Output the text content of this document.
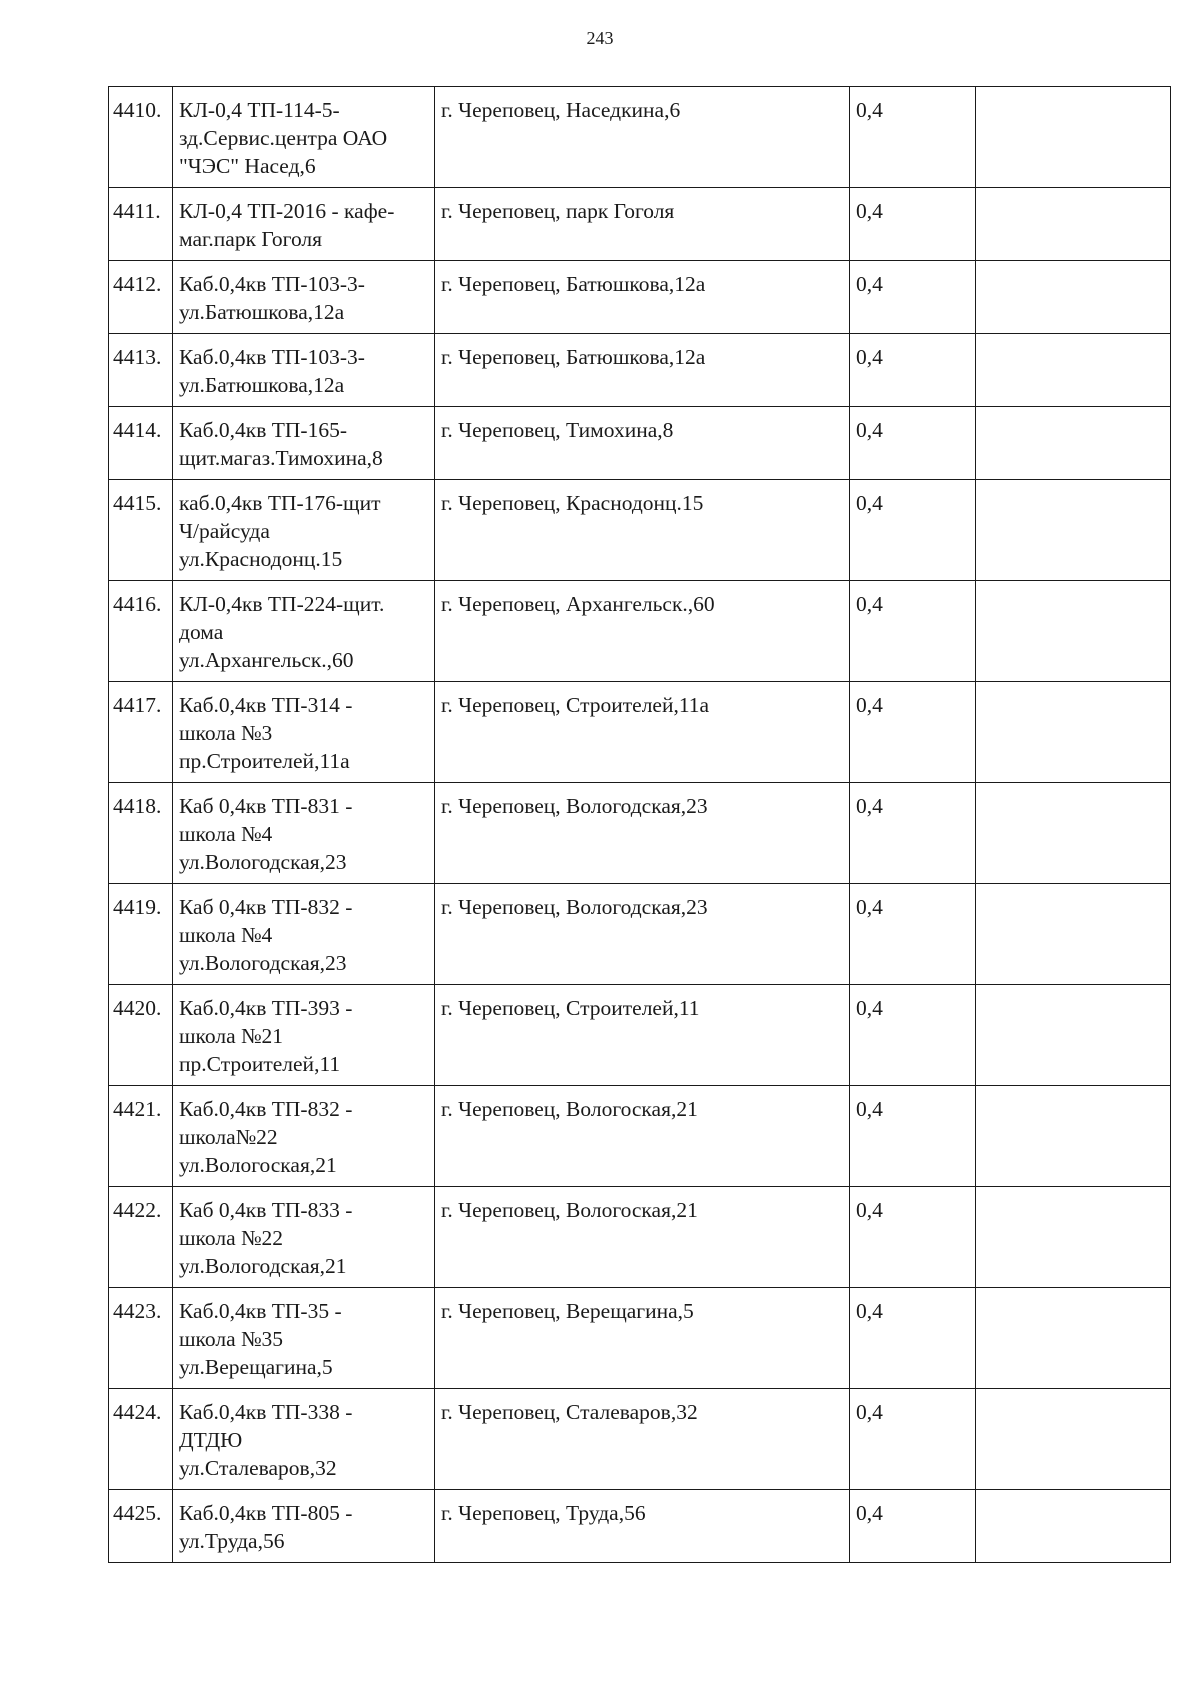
243
4410.	КЛ-0,4 ТП-114-5-
зд.Сервис.центра ОАО
"ЧЭС" Насед,6	г. Череповец, Наседкина,6	0,4	
4411.	КЛ-0,4 ТП-2016 - кафе-
маг.парк Гоголя	г. Череповец, парк Гоголя	0,4	
4412.	Каб.0,4кв ТП-103-3-
ул.Батюшкова,12а	г. Череповец, Батюшкова,12а	0,4	
4413.	Каб.0,4кв ТП-103-3-
ул.Батюшкова,12а	г. Череповец, Батюшкова,12а	0,4	
4414.	Каб.0,4кв ТП-165-
щит.магаз.Тимохина,8	г. Череповец, Тимохина,8	0,4	
4415.	каб.0,4кв ТП-176-щит
Ч/райсуда
ул.Краснодонц.15	г. Череповец, Краснодонц.15	0,4	
4416.	КЛ-0,4кв ТП-224-щит.
дома
ул.Архангельск.,60	г. Череповец, Архангельск.,60	0,4	
4417.	Каб.0,4кв ТП-314 -
школа №3
пр.Строителей,11а	г. Череповец, Строителей,11а	0,4	
4418.	Каб 0,4кв ТП-831 -
школа №4
ул.Вологодская,23	г. Череповец, Вологодская,23	0,4	
4419.	Каб 0,4кв ТП-832 -
школа №4
ул.Вологодская,23	г. Череповец, Вологодская,23	0,4	
4420.	Каб.0,4кв ТП-393 -
школа №21
пр.Строителей,11	г. Череповец, Строителей,11	0,4	
4421.	Каб.0,4кв ТП-832 -
школа№22
ул.Вологоская,21	г. Череповец, Вологоская,21	0,4	
4422.	Каб 0,4кв ТП-833 -
школа №22
ул.Вологодская,21	г. Череповец, Вологоская,21	0,4	
4423.	Каб.0,4кв ТП-35 -
школа №35
ул.Верещагина,5	г. Череповец, Верещагина,5	0,4	
4424.	Каб.0,4кв ТП-338 -
ДТДЮ
ул.Сталеваров,32	г. Череповец, Сталеваров,32	0,4	
4425.	Каб.0,4кв ТП-805 -
ул.Труда,56	г. Череповец, Труда,56	0,4	
